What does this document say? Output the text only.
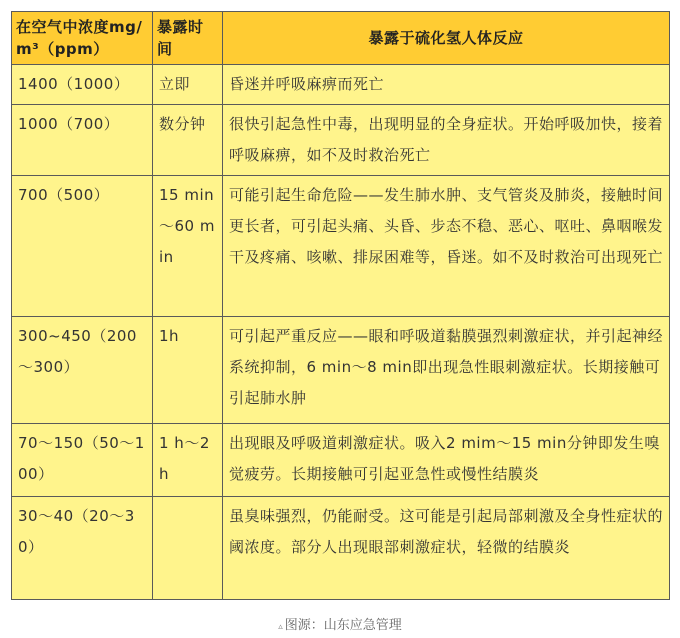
在空气中浓度mg/m³（ppm）	暴露时间	暴露于硫化氢人体反应
1400（1000）	立即	昏迷并呼吸麻痹而死亡
1000（700）	数分钟	很快引起急性中毒，出现明显的全身症状。开始呼吸加快，接着呼吸麻痹，如不及时救治死亡
700（500）	15 min～60 min	可能引起生命危险——发生肺水肿、支气管炎及肺炎，接触时间更长者，可引起头痛、头昏、步态不稳、恶心、呕吐、鼻咽喉发干及疼痛、咳嗽、排尿困难等，昏迷。如不及时救治可出现死亡
300~450（200～300）	1h	可引起严重反应——眼和呼吸道黏膜强烈刺激症状，并引起神经系统抑制，6 min～8 min即出现急性眼刺激症状。长期接触可引起肺水肿
70～150（50～100）	1 h～2 h	出现眼及呼吸道刺激症状。吸入2 mim～15 min分钟即发生嗅觉疲劳。长期接触可引起亚急性或慢性结膜炎
30～40（20～30）		虽臭味强烈，仍能耐受。这可能是引起局部刺激及全身性症状的阈浓度。部分人出现眼部刺激症状，轻微的结膜炎
▵ 图源：山东应急管理
